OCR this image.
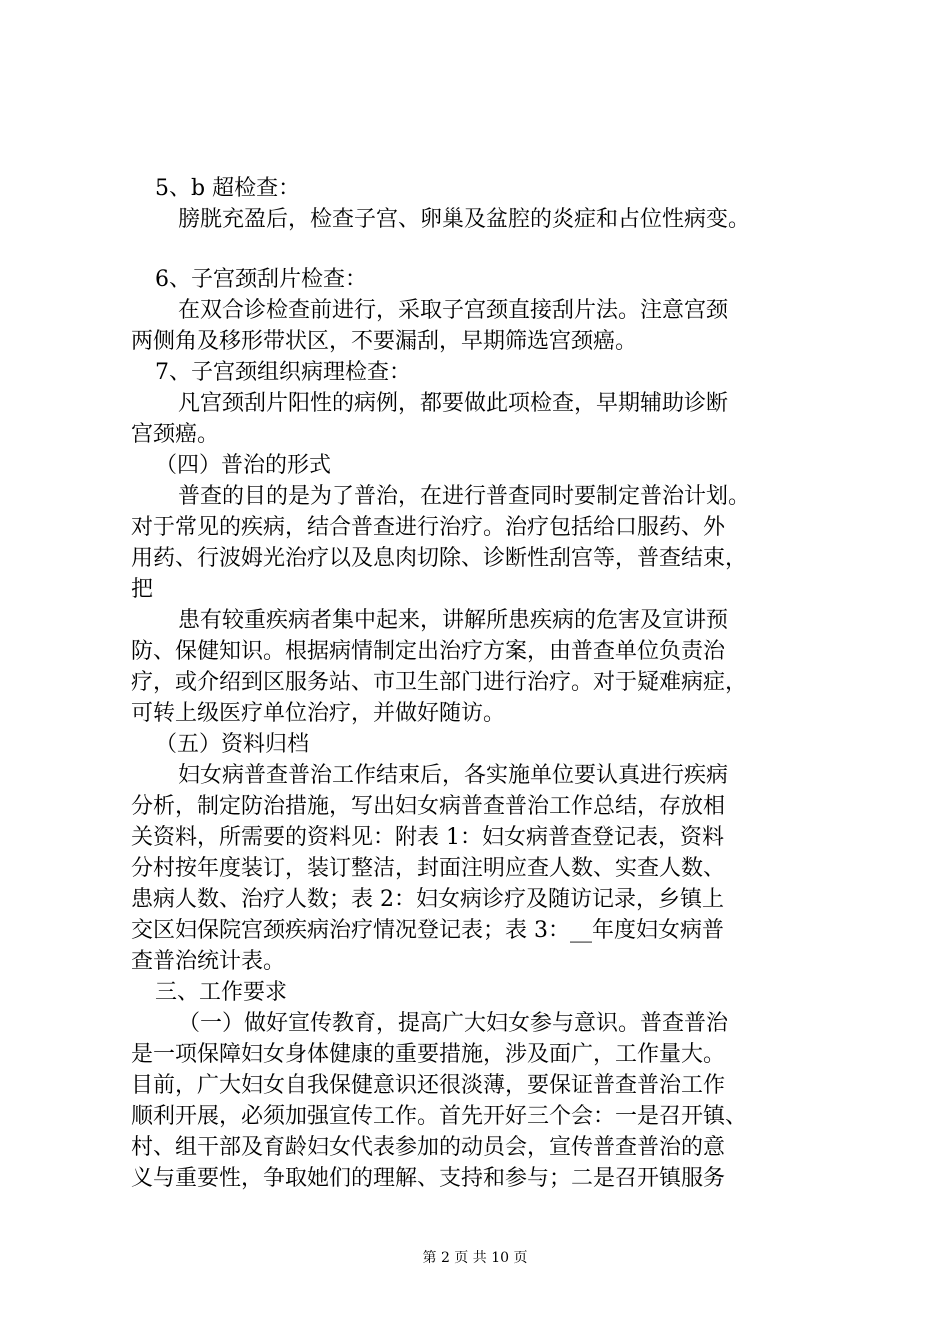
5、b 超检查：
膀胱充盈后，检查子宫、卵巢及盆腔的炎症和占位性病变。
6、子宫颈刮片检查：
在双合诊检查前进行，采取子宫颈直接刮片法。注意宫颈
两侧角及移形带状区，不要漏刮，早期筛选宫颈癌。
7、子宫颈组织病理检查：
凡宫颈刮片阳性的病例，都要做此项检查，早期辅助诊断
宫颈癌。
（四）普治的形式
普查的目的是为了普治，在进行普查同时要制定普治计划。
对于常见的疾病，结合普查进行治疗。治疗包括给口服药、外
用药、行波姆光治疗以及息肉切除、诊断性刮宫等，普查结束，
把
患有较重疾病者集中起来，讲解所患疾病的危害及宣讲预
防、保健知识。根据病情制定出治疗方案，由普查单位负责治
疗，或介绍到区服务站、市卫生部门进行治疗。对于疑难病症，
可转上级医疗单位治疗，并做好随访。
（五）资料归档
妇女病普查普治工作结束后，各实施单位要认真进行疾病
分析，制定防治措施，写出妇女病普查普治工作总结，存放相
关资料，所需要的资料见：附表 1：妇女病普查登记表，资料
分村按年度装订，装订整洁，封面注明应查人数、实查人数、
患病人数、治疗人数；表 2：妇女病诊疗及随访记录，乡镇上
交区妇保院宫颈疾病治疗情况登记表；表 3：__年度妇女病普
查普治统计表。
三、工作要求
（一）做好宣传教育，提高广大妇女参与意识。普查普治
是一项保障妇女身体健康的重要措施，涉及面广，工作量大。
目前，广大妇女自我保健意识还很淡薄，要保证普查普治工作
顺利开展，必须加强宣传工作。首先开好三个会：一是召开镇、
村、组干部及育龄妇女代表参加的动员会，宣传普查普治的意
义与重要性，争取她们的理解、支持和参与；二是召开镇服务
第 2 页 共 10 页
